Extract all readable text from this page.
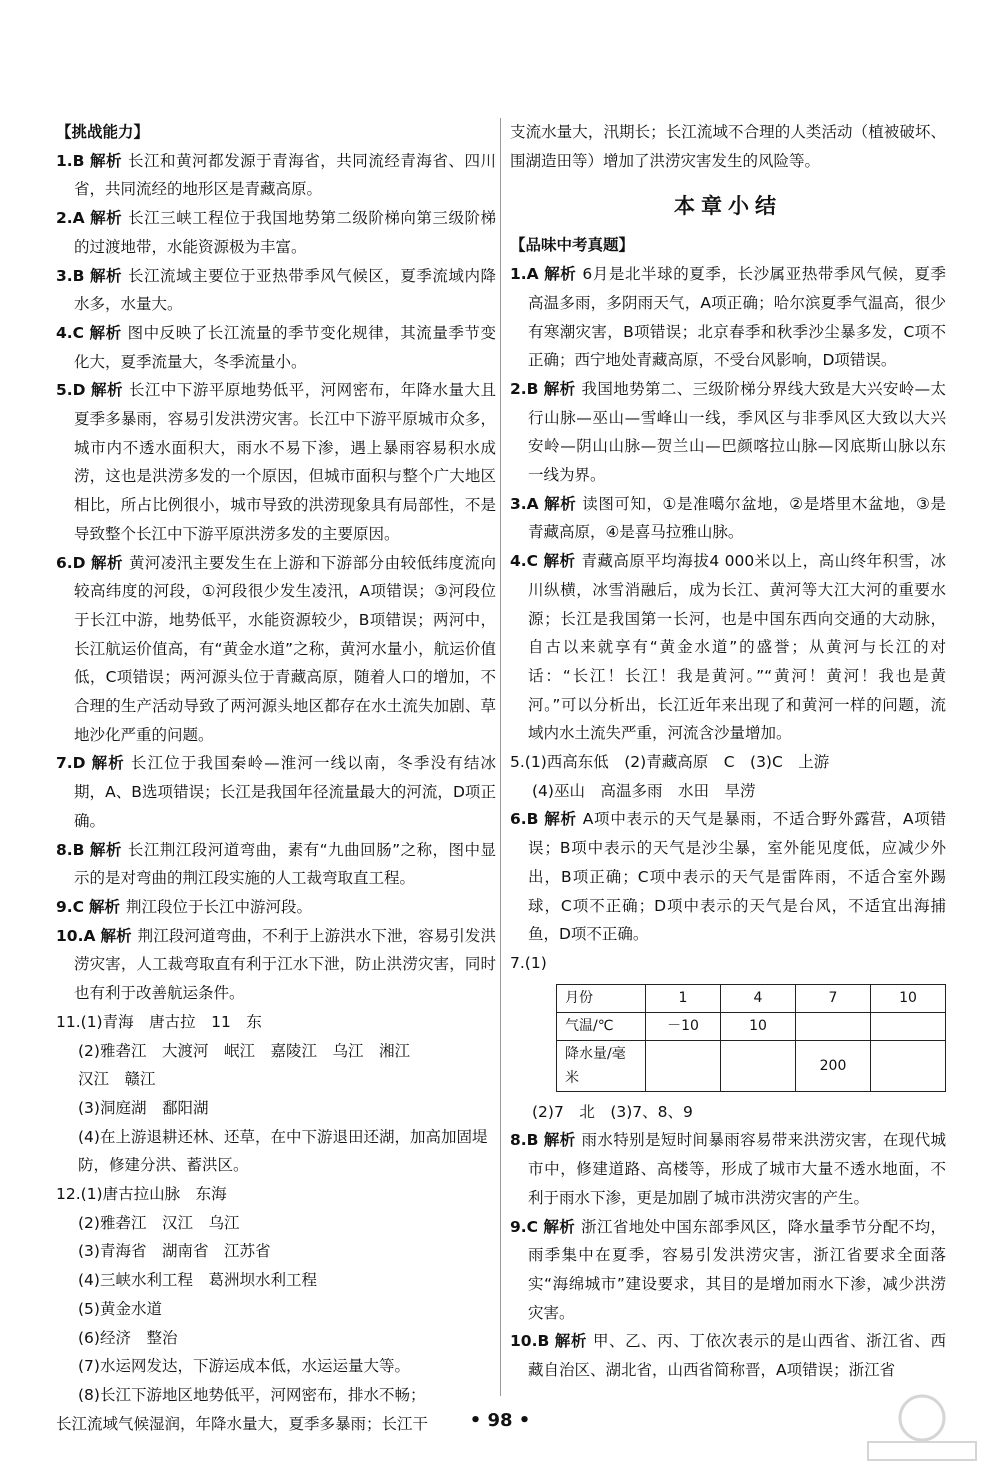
【挑战能力】

1.B 解析 长江和黄河都发源于青海省，共同流经青海省、四川省，共同流经的地形区是青藏高原。

2.A 解析 长江三峡工程位于我国地势第二级阶梯向第三级阶梯的过渡地带，水能资源极为丰富。

3.B 解析 长江流域主要位于亚热带季风气候区，夏季流域内降水多，水量大。

4.C 解析 图中反映了长江流量的季节变化规律，其流量季节变化大，夏季流量大，冬季流量小。

5.D 解析 长江中下游平原地势低平，河网密布，年降水量大且夏季多暴雨，容易引发洪涝灾害。长江中下游平原城市众多，城市内不透水面积大，雨水不易下渗，遇上暴雨容易积水成涝，这也是洪涝多发的一个原因，但城市面积与整个广大地区相比，所占比例很小，城市导致的洪涝现象具有局部性，不是导致整个长江中下游平原洪涝多发的主要原因。

6.D 解析 黄河凌汛主要发生在上游和下游部分由较低纬度流向较高纬度的河段，①河段很少发生凌汛，A项错误；③河段位于长江中游，地势低平，水能资源较少，B项错误；两河中，长江航运价值高，有“黄金水道”之称，黄河水量小，航运价值低，C项错误；两河源头位于青藏高原，随着人口的增加，不合理的生产活动导致了两河源头地区都存在水土流失加剧、草地沙化严重的问题。

7.D 解析 长江位于我国秦岭—淮河一线以南，冬季没有结冰期，A、B选项错误；长江是我国年径流量最大的河流，D项正确。

8.B 解析 长江荆江段河道弯曲，素有“九曲回肠”之称，图中显示的是对弯曲的荆江段实施的人工裁弯取直工程。

9.C 解析 荆江段位于长江中游河段。

10.A 解析 荆江段河道弯曲，不利于上游洪水下泄，容易引发洪涝灾害，人工裁弯取直有利于江水下泄，防止洪涝灾害，同时也有利于改善航运条件。

11.(1)青海　唐古拉　11　东

(2)雅砻江　大渡河　岷江　嘉陵江　乌江　湘江

汉江　赣江

(3)洞庭湖　鄱阳湖

(4)在上游退耕还林、还草，在中下游退田还湖，加高加固堤防，修建分洪、蓄洪区。

12.(1)唐古拉山脉　东海

(2)雅砻江　汉江　乌江

(3)青海省　湖南省　江苏省

(4)三峡水利工程　葛洲坝水利工程

(5)黄金水道

(6)经济　整治

(7)水运网发达，下游运成本低，水运运量大等。

(8)长江下游地区地势低平，河网密布，排水不畅；

长江流域气候湿润，年降水量大，夏季多暴雨；长江干

支流水量大，汛期长；长江流域不合理的人类活动（植被破坏、围湖造田等）增加了洪涝灾害发生的风险等。

本章小结

【品味中考真题】

1.A 解析 6月是北半球的夏季，长沙属亚热带季风气候，夏季高温多雨，多阴雨天气，A项正确；哈尔滨夏季气温高，很少有寒潮灾害，B项错误；北京春季和秋季沙尘暴多发，C项不正确；西宁地处青藏高原，不受台风影响，D项错误。

2.B 解析 我国地势第二、三级阶梯分界线大致是大兴安岭—太行山脉—巫山—雪峰山一线，季风区与非季风区大致以大兴安岭—阴山山脉—贺兰山—巴颜喀拉山脉—冈底斯山脉以东一线为界。

3.A 解析 读图可知，①是准噶尔盆地，②是塔里木盆地，③是青藏高原，④是喜马拉雅山脉。

4.C 解析 青藏高原平均海拔4 000米以上，高山终年积雪，冰川纵横，冰雪消融后，成为长江、黄河等大江大河的重要水源；长江是我国第一长河，也是中国东西向交通的大动脉，自古以来就享有“黄金水道”的盛誉；从黄河与长江的对话：“长江！长江！我是黄河。”“黄河！黄河！我也是黄河。”可以分析出，长江近年来出现了和黄河一样的问题，流域内水土流失严重，河流含沙量增加。

5.(1)西高东低　(2)青藏高原　C　(3)C　上游

(4)巫山　高温多雨　水田　旱涝

6.B 解析 A项中表示的天气是暴雨，不适合野外露营，A项错误；B项中表示的天气是沙尘暴，室外能见度低，应减少外出，B项正确；C项中表示的天气是雷阵雨，不适合室外踢球，C项不正确；D项中表示的天气是台风，不适宜出海捕鱼，D项不正确。

7.(1)

月份	1	4	7	10
气温/℃	－10	10		
降水量/毫米			200	

(2)7　北　(3)7、8、9

8.B 解析 雨水特别是短时间暴雨容易带来洪涝灾害，在现代城市中，修建道路、高楼等，形成了城市大量不透水地面，不利于雨水下渗，更是加剧了城市洪涝灾害的产生。

9.C 解析 浙江省地处中国东部季风区，降水量季节分配不均，雨季集中在夏季，容易引发洪涝灾害，浙江省要求全面落实“海绵城市”建设要求，其目的是增加雨水下渗，减少洪涝灾害。

10.B 解析 甲、乙、丙、丁依次表示的是山西省、浙江省、西藏自治区、湖北省，山西省简称晋，A项错误；浙江省

• 98 •
